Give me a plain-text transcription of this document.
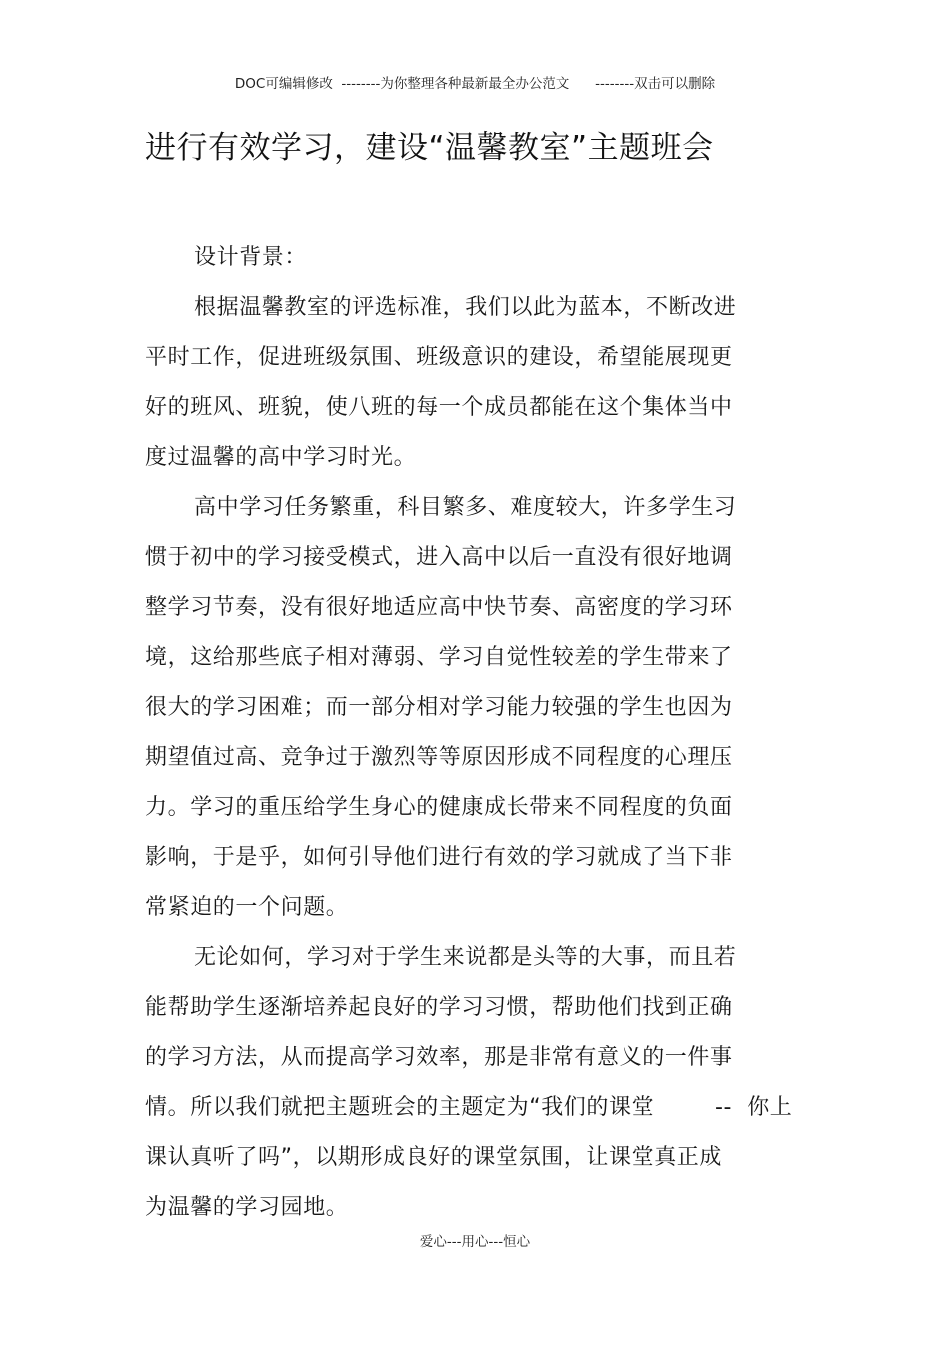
DOC可编辑修改  --------为你整理各种最新最全办公范文      --------双击可以删除
进行有效学习，建设“温馨教室”主题班会
设计背景：
根据温馨教室的评选标准，我们以此为蓝本，不断改进
平时工作，促进班级氛围、班级意识的建设，希望能展现更
好的班风、班貌，使八班的每一个成员都能在这个集体当中
度过温馨的高中学习时光。
高中学习任务繁重，科目繁多、难度较大，许多学生习
惯于初中的学习接受模式，进入高中以后一直没有很好地调
整学习节奏，没有很好地适应高中快节奏、高密度的学习环
境，这给那些底子相对薄弱、学习自觉性较差的学生带来了
很大的学习困难；而一部分相对学习能力较强的学生也因为
期望值过高、竞争过于激烈等等原因形成不同程度的心理压
力。学习的重压给学生身心的健康成长带来不同程度的负面
影响，于是乎，如何引导他们进行有效的学习就成了当下非
常紧迫的一个问题。
无论如何，学习对于学生来说都是头等的大事，而且若
能帮助学生逐渐培养起良好的学习习惯，帮助他们找到正确
的学习方法，从而提高学习效率，那是非常有意义的一件事
情。所以我们就把主题班会的主题定为“我们的课堂        --  你上
课认真听了吗”，以期形成良好的课堂氛围，让课堂真正成
为温馨的学习园地。
爱心---用心---恒心
